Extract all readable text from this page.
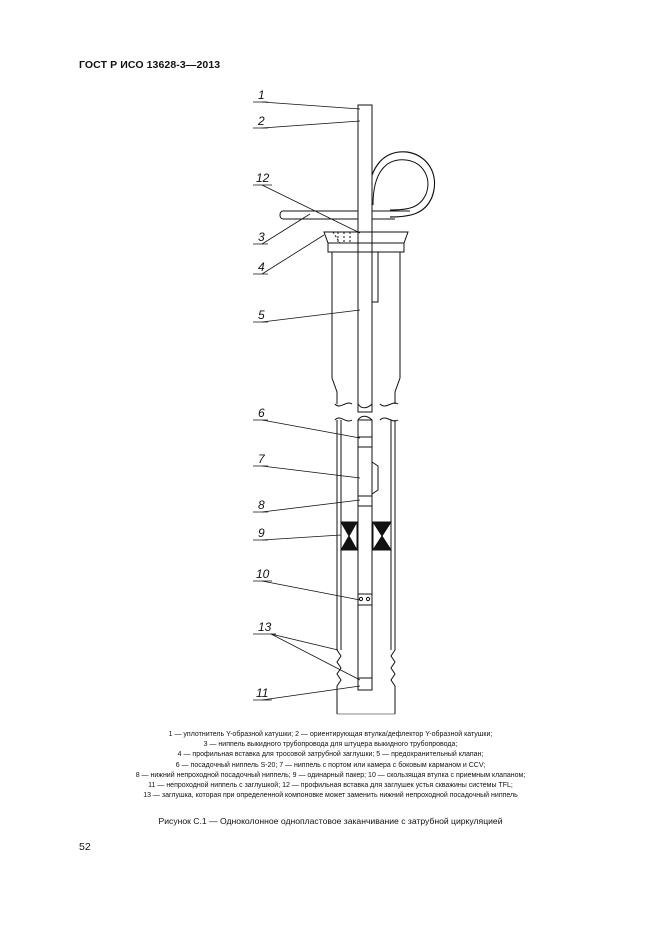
ГОСТ Р ИСО 13628-3—2013
1
2
12
3
4
5
6
7
8
9
10
13
11
1 — уплотнитель Y-образной катушки; 2 — ориентирующая втулка/дефлектор Y-образной катушки;
3 — ниппель выкидного трубопровода для штуцера выкидного трубопровода;
4 — профильная вставка для тросовой затрубной заглушки; 5 — предохранительный клапан;
6 — посадочный ниппель S-20; 7 — ниппель с портом или камера с боковым карманом и CCV;
8 — нижний непроходной посадочный ниппель; 9 — одинарный пакер; 10 — скользящая втулка с приемным клапаном;
11 — непроходной ниппель с заглушкой; 12 — профильная вставка для заглушек устья скважины системы TFL;
13 — заглушка, которая при определенной компоновке может заменить нижний непроходной посадочный ниппель
Рисунок С.1 — Одноколонное однопластовое заканчивание с затрубной циркуляцией
52
